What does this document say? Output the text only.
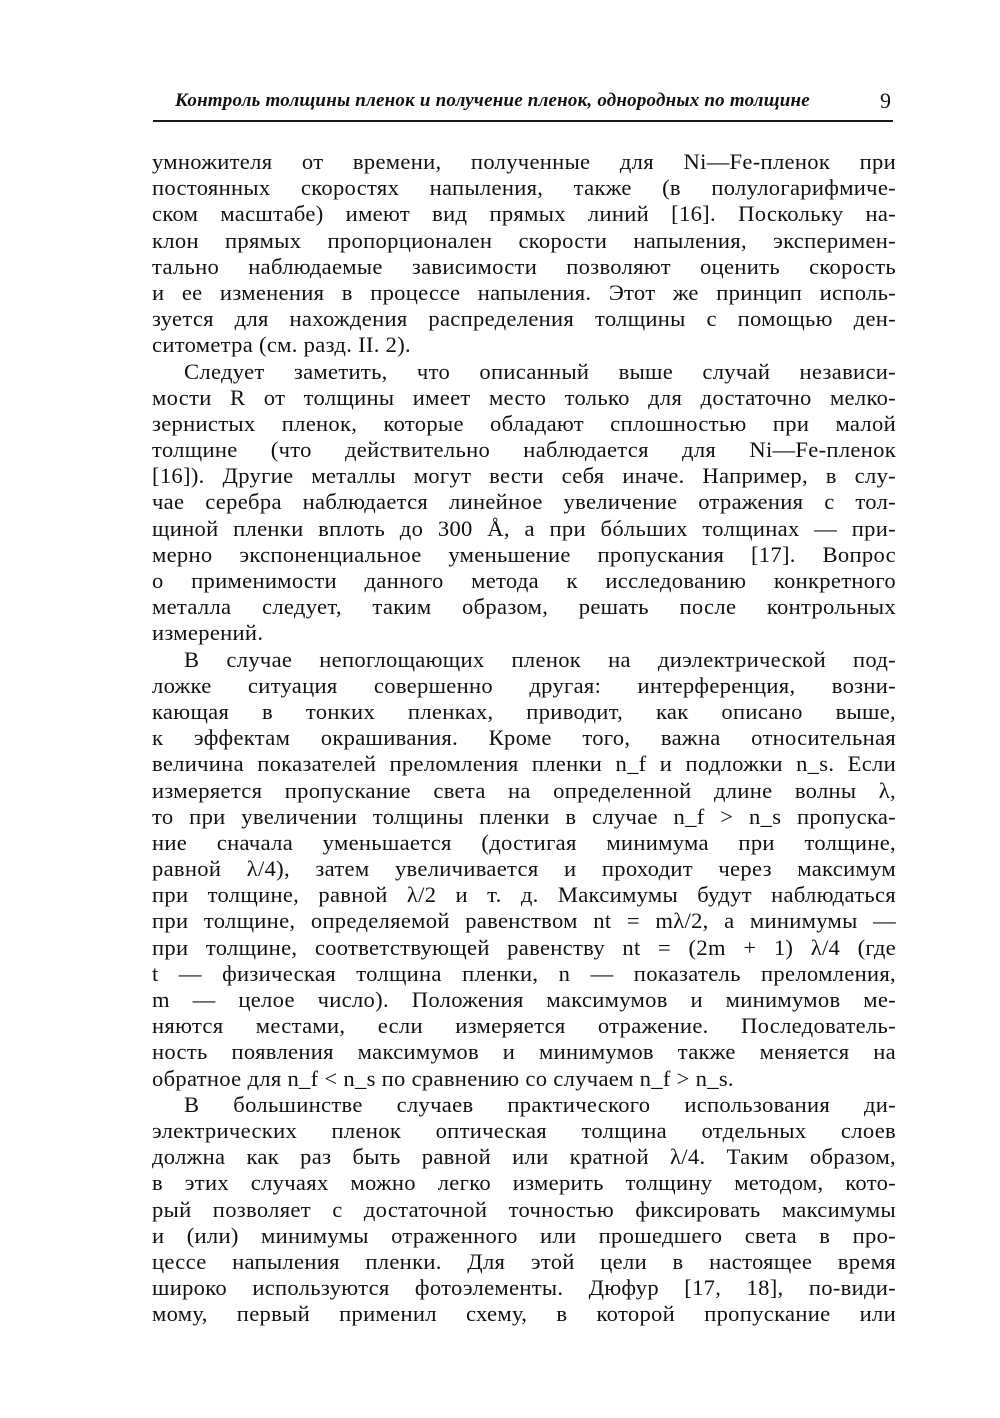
Контроль толщины пленок и получение пленок, однородных по толщине	9
умножителя от времени, полученные для Ni—Fe-пленок при
постоянных скоростях напыления, также (в полулогарифмиче-
ском масштабе) имеют вид прямых линий [16]. Поскольку на-
клон прямых пропорционален скорости напыления, эксперимен-
тально наблюдаемые зависимости позволяют оценить скорость
и ее изменения в процессе напыления. Этот же принцип исполь-
зуется для нахождения распределения толщины с помощью ден-
ситометра (см. разд. II. 2).
Следует заметить, что описанный выше случай независи-
мости R от толщины имеет место только для достаточно мелко-
зернистых пленок, которые обладают сплошностью при малой
толщине (что действительно наблюдается для Ni—Fe-пленок
[16]). Другие металлы могут вести себя иначе. Например, в слу-
чае серебра наблюдается линейное увеличение отражения с тол-
щиной пленки вплоть до 300 Å, а при бóльших толщинах — при-
мерно экспоненциальное уменьшение пропускания [17]. Вопрос
о применимости данного метода к исследованию конкретного
металла следует, таким образом, решать после контрольных
измерений.
В случае непоглощающих пленок на диэлектрической под-
ложке ситуация совершенно другая: интерференция, возни-
кающая в тонких пленках, приводит, как описано выше,
к эффектам окрашивания. Кроме того, важна относительная
величина показателей преломления пленки n_f и подложки n_s. Если
измеряется пропускание света на определенной длине волны λ,
то при увеличении толщины пленки в случае n_f > n_s пропуска-
ние сначала уменьшается (достигая минимума при толщине,
равной λ/4), затем увеличивается и проходит через максимум
при толщине, равной λ/2 и т. д. Максимумы будут наблюдаться
при толщине, определяемой равенством nt = mλ/2, а минимумы —
при толщине, соответствующей равенству nt = (2m + 1) λ/4 (где
t — физическая толщина пленки, n — показатель преломления,
m — целое число). Положения максимумов и минимумов ме-
няются местами, если измеряется отражение. Последователь-
ность появления максимумов и минимумов также меняется на
обратное для n_f < n_s по сравнению со случаем n_f > n_s.
В большинстве случаев практического использования ди-
электрических пленок оптическая толщина отдельных слоев
должна как раз быть равной или кратной λ/4. Таким образом,
в этих случаях можно легко измерить толщину методом, кото-
рый позволяет с достаточной точностью фиксировать максимумы
и (или) минимумы отраженного или прошедшего света в про-
цессе напыления пленки. Для этой цели в настоящее время
широко используются фотоэлементы. Дюфур [17, 18], по-види-
мому, первый применил схему, в которой пропускание или
